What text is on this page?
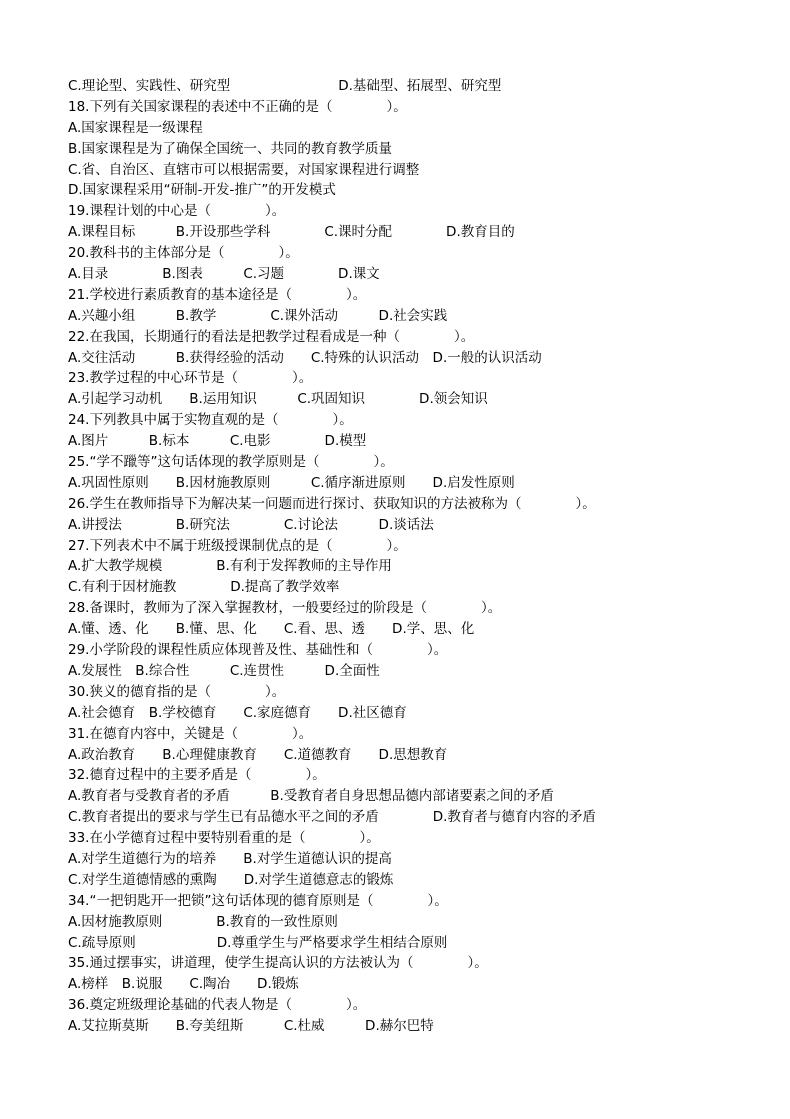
C.理论型、实践性、研究型　　　　　　　　D.基础型、拓展型、研究型
18.下列有关国家课程的表述中不正确的是（　　　　）。
A.国家课程是一级课程
B.国家课程是为了确保全国统一、共同的教育教学质量
C.省、自治区、直辖市可以根据需要，对国家课程进行调整
D.国家课程采用“研制-开发-推广”的开发模式
19.课程计划的中心是（　　　　）。
A.课程目标　　　B.开设那些学科　　　　C.课时分配　　　　D.教育目的
20.教科书的主体部分是（　　　　）。
A.目录　　　　B.图表　　　C.习题　　　　D.课文
21.学校进行素质教育的基本途径是（　　　　）。
A.兴趣小组　　　B.教学　　　　C.课外活动　　　D.社会实践
22.在我国，长期通行的看法是把教学过程看成是一种（　　　　）。
A.交往活动　　　B.获得经验的活动　　C.特殊的认识活动　D.一般的认识活动
23.教学过程的中心环节是（　　　　）。
A.引起学习动机　　B.运用知识　　　C.巩固知识　　　　D.领会知识
24.下列教具中属于实物直观的是（　　　　）。
A.图片　　　B.标本　　　C.电影　　　　D.模型
25.“学不躐等”这句话体现的教学原则是（　　　　）。
A.巩固性原则　　B.因材施教原则　　　C.循序渐进原则　　D.启发性原则
26.学生在教师指导下为解决某一问题而进行探讨、获取知识的方法被称为（　　　　）。
A.讲授法　　　　B.研究法　　　　C.讨论法　　　D.谈话法
27.下列表术中不属于班级授课制优点的是（　　　　）。
A.扩大教学规模　　　　B.有利于发挥教师的主导作用
C.有利于因材施教　　　　D.提高了教学效率
28.备课时，教师为了深入掌握教材，一般要经过的阶段是（　　　　）。
A.懂、透、化　　B.懂、思、化　　C.看、思、透　　D.学、思、化
29.小学阶段的课程性质应体现普及性、基础性和（　　　　）。
A.发展性　B.综合性　　　C.连贯性　　　D.全面性
30.狭义的德育指的是（　　　　）。
A.社会德育　B.学校德育　　C.家庭德育　　D.社区德育
31.在德育内容中，关键是（　　　　）。
A.政治教育　　B.心理健康教育　　C.道德教育　　D.思想教育
32.德育过程中的主要矛盾是（　　　　）。
A.教育者与受教育者的矛盾　　　B.受教育者自身思想品德内部诸要素之间的矛盾
C.教育者提出的要求与学生已有品德水平之间的矛盾　　　　D.教育者与德育内容的矛盾
33.在小学德育过程中要特别看重的是（　　　　）。
A.对学生道德行为的培养　　B.对学生道德认识的提高
C.对学生道德情感的熏陶　　D.对学生道德意志的锻炼
34.“一把钥匙开一把锁”这句话体现的德育原则是（　　　　）。
A.因材施教原则　　　　B.教育的一致性原则
C.疏导原则　　　　　　D.尊重学生与严格要求学生相结合原则
35.通过摆事实，讲道理，使学生提高认识的方法被认为（　　　　）。
A.榜样　B.说服　　C.陶冶　　D.锻炼
36.奠定班级理论基础的代表人物是（　　　　）。
A.艾拉斯莫斯　　B.夸美纽斯　　　C.杜威　　　D.赫尔巴特
